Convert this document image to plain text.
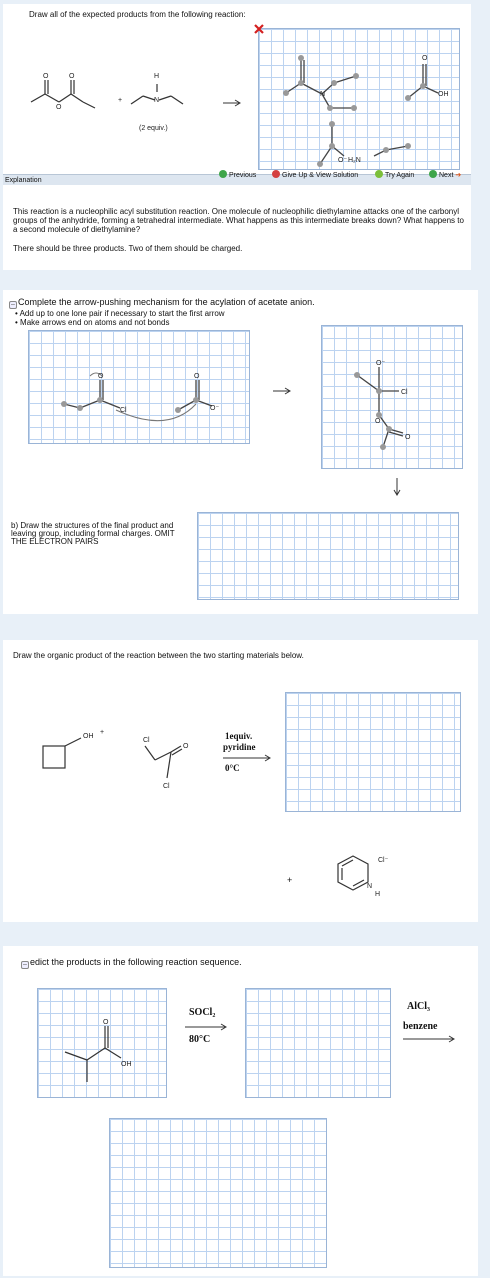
Draw all of the expected products from the following reaction:
O	O
O
+
H
N
(2 equiv.)
N
O
OH
H₂N
O⁻
Explanation
Previous	Give Up & View Solution	Try Again	Next ➔
This reaction is a nucleophilic acyl substitution reaction. One molecule of nucleophilic diethylamine attacks one of the carbonyl groups of the anhydride, forming a tetrahedral intermediate. What happens as this intermediate breaks down? What happens to a second molecule of diethylamine?
There should be three products. Two of them should be charged.
– Complete the arrow-pushing mechanism for the acylation of acetate anion.
• Add up to one lone pair if necessary to start the first arrow
• Make arrows end on atoms and not bonds
O
Cl
O
O⁻
O⁻
Cl
O
O
b) Draw the structures of the final product and leaving group, including formal charges. OMIT THE ELECTRON PAIRS
Draw the organic product of the reaction between the two starting materials below.
OH
+
Cl
O
Cl
1equiv.
pyridine
0°C
+
Cl⁻
N
H
– edict the products in the following reaction sequence.
O
OH
SOCl₂
80°C
AlCl₃
benzene
